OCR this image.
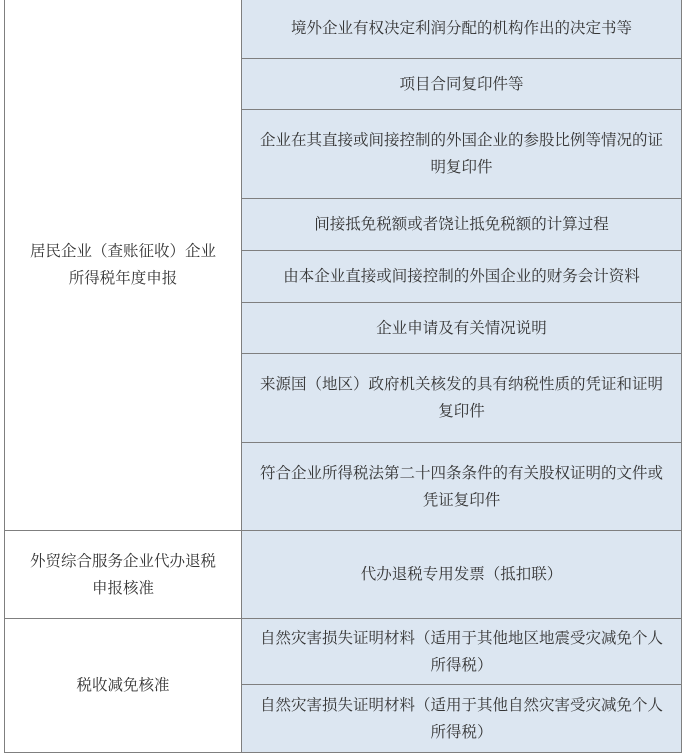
居民企业（查账征收）企业所得税年度申报	境外企业有权决定利润分配的机构作出的决定书等
	项目合同复印件等
	企业在其直接或间接控制的外国企业的参股比例等情况的证明复印件
	间接抵免税额或者饶让抵免税额的计算过程
	由本企业直接或间接控制的外国企业的财务会计资料
	企业申请及有关情况说明
	来源国（地区）政府机关核发的具有纳税性质的凭证和证明复印件
	符合企业所得税法第二十四条条件的有关股权证明的文件或凭证复印件

外贸综合服务企业代办退税申报核准	代办退税专用发票（抵扣联）

税收减免核准	自然灾害损失证明材料（适用于其他地区地震受灾减免个人所得税）
	自然灾害损失证明材料（适用于其他自然灾害受灾减免个人所得税）
